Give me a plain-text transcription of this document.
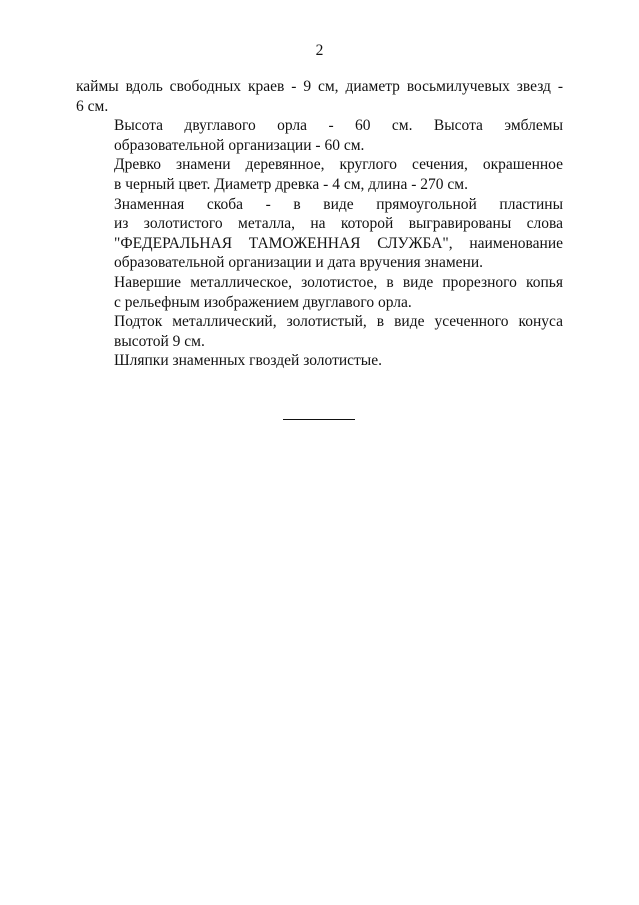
2

каймы вдоль свободных краев - 9 см, диаметр восьмилучевых звезд -
6 см.

Высота двуглавого орла - 60 см. Высота эмблемы
образовательной организации - 60 см.

Древко знамени деревянное, круглого сечения, окрашенное
в черный цвет. Диаметр древка - 4 см, длина - 270 см.

Знаменная скоба - в виде прямоугольной пластины
из золотистого металла, на которой выгравированы слова
"ФЕДЕРАЛЬНАЯ ТАМОЖЕННАЯ СЛУЖБА", наименование
образовательной организации и дата вручения знамени.

Навершие металлическое, золотистое, в виде прорезного копья
с рельефным изображением двуглавого орла.

Подток металлический, золотистый, в виде усеченного конуса
высотой 9 см.

Шляпки знаменных гвоздей золотистые.
